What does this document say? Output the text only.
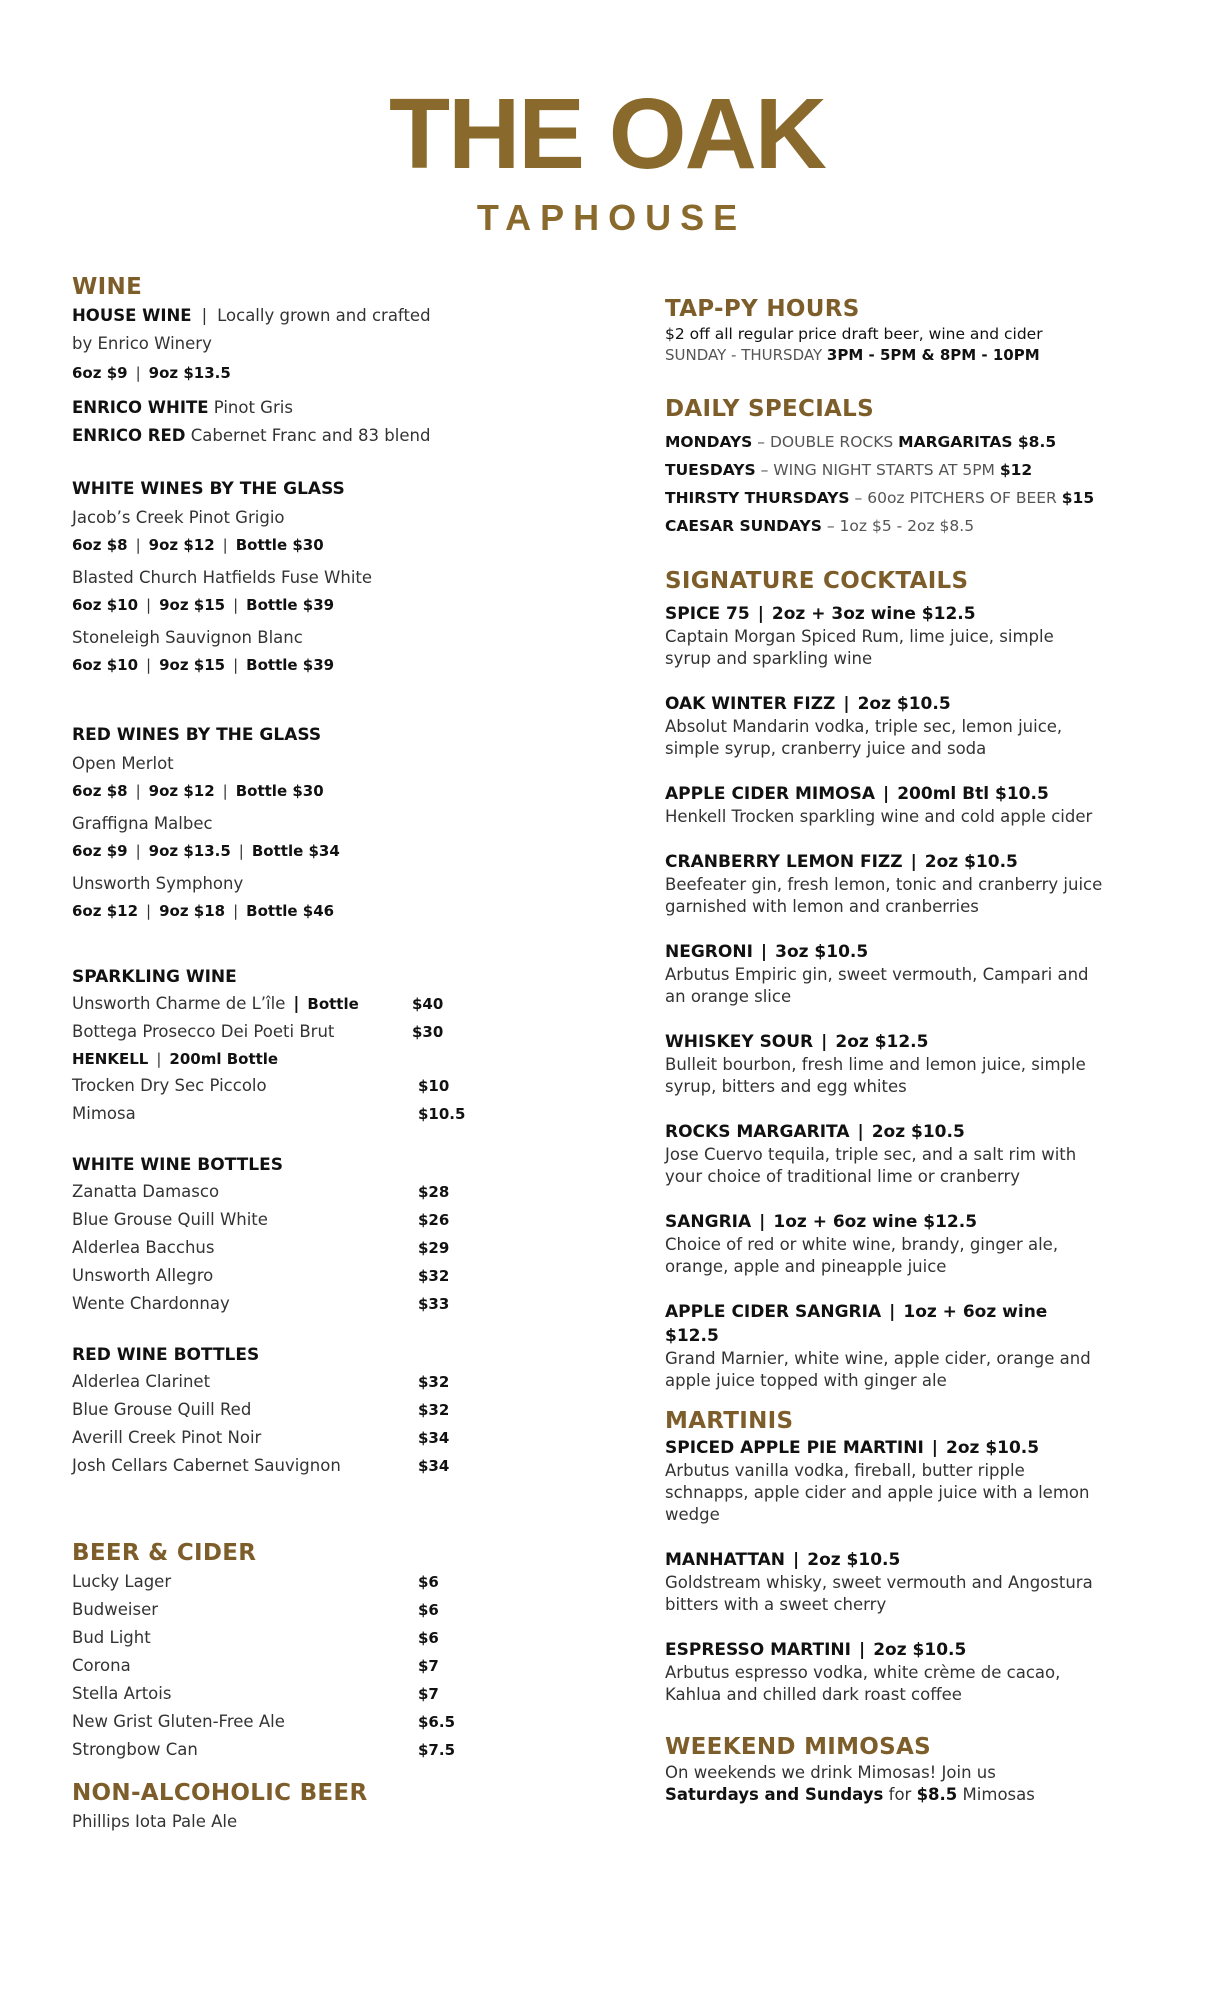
THE OAK
TAPHOUSE
WINE
HOUSE WINE | Locally grown and crafted
by Enrico Winery
6oz $9 | 9oz $13.5
ENRICO WHITE Pinot Gris
ENRICO RED Cabernet Franc and 83 blend
WHITE WINES BY THE GLASS
Jacob’s Creek Pinot Grigio
6oz $8 | 9oz $12 | Bottle $30
Blasted Church Hatfields Fuse White
6oz $10 | 9oz $15 | Bottle $39
Stoneleigh Sauvignon Blanc
6oz $10 | 9oz $15 | Bottle $39
RED WINES BY THE GLASS
Open Merlot
6oz $8 | 9oz $12 | Bottle $30
Graffigna Malbec
6oz $9 | 9oz $13.5 | Bottle $34
Unsworth Symphony
6oz $12 | 9oz $18 | Bottle $46
SPARKLING WINE
Unsworth Charme de L’île | Bottle	$40
Bottega Prosecco Dei Poeti Brut	$30
HENKELL | 200ml Bottle
Trocken Dry Sec Piccolo	$10
Mimosa	$10.5
WHITE WINE BOTTLES
Zanatta Damasco	$28
Blue Grouse Quill White	$26
Alderlea Bacchus	$29
Unsworth Allegro	$32
Wente Chardonnay	$33
RED WINE BOTTLES
Alderlea Clarinet	$32
Blue Grouse Quill Red	$32
Averill Creek Pinot Noir	$34
Josh Cellars Cabernet Sauvignon	$34
BEER & CIDER
Lucky Lager	$6
Budweiser	$6
Bud Light	$6
Corona	$7
Stella Artois	$7
New Grist Gluten-Free Ale	$6.5
Strongbow Can	$7.5
NON-ALCOHOLIC BEER
Phillips Iota Pale Ale
TAP-PY HOURS
$2 off all regular price draft beer, wine and cider
SUNDAY - THURSDAY 3PM - 5PM & 8PM - 10PM
DAILY SPECIALS
MONDAYS – DOUBLE ROCKS MARGARITAS $8.5
TUESDAYS – WING NIGHT STARTS AT 5PM $12
THIRSTY THURSDAYS – 60oz PITCHERS OF BEER $15
CAESAR SUNDAYS – 1oz $5 - 2oz $8.5
SIGNATURE COCKTAILS
SPICE 75 | 2oz + 3oz wine $12.5
Captain Morgan Spiced Rum, lime juice, simple syrup and sparkling wine
OAK WINTER FIZZ | 2oz $10.5
Absolut Mandarin vodka, triple sec, lemon juice, simple syrup, cranberry juice and soda
APPLE CIDER MIMOSA | 200ml Btl $10.5
Henkell Trocken sparkling wine and cold apple cider
CRANBERRY LEMON FIZZ | 2oz $10.5
Beefeater gin, fresh lemon, tonic and cranberry juice garnished with lemon and cranberries
NEGRONI | 3oz $10.5
Arbutus Empiric gin, sweet vermouth, Campari and an orange slice
WHISKEY SOUR | 2oz $12.5
Bulleit bourbon, fresh lime and lemon juice, simple syrup, bitters and egg whites
ROCKS MARGARITA | 2oz $10.5
Jose Cuervo tequila, triple sec, and a salt rim with your choice of traditional lime or cranberry
SANGRIA | 1oz + 6oz wine $12.5
Choice of red or white wine, brandy, ginger ale, orange, apple and pineapple juice
APPLE CIDER SANGRIA | 1oz + 6oz wine $12.5
Grand Marnier, white wine, apple cider, orange and apple juice topped with ginger ale
MARTINIS
SPICED APPLE PIE MARTINI | 2oz $10.5
Arbutus vanilla vodka, fireball, butter ripple schnapps, apple cider and apple juice with a lemon wedge
MANHATTAN | 2oz $10.5
Goldstream whisky, sweet vermouth and Angostura bitters with a sweet cherry
ESPRESSO MARTINI | 2oz $10.5
Arbutus espresso vodka, white crème de cacao, Kahlua and chilled dark roast coffee
WEEKEND MIMOSAS
On weekends we drink Mimosas! Join us
Saturdays and Sundays for $8.5 Mimosas
